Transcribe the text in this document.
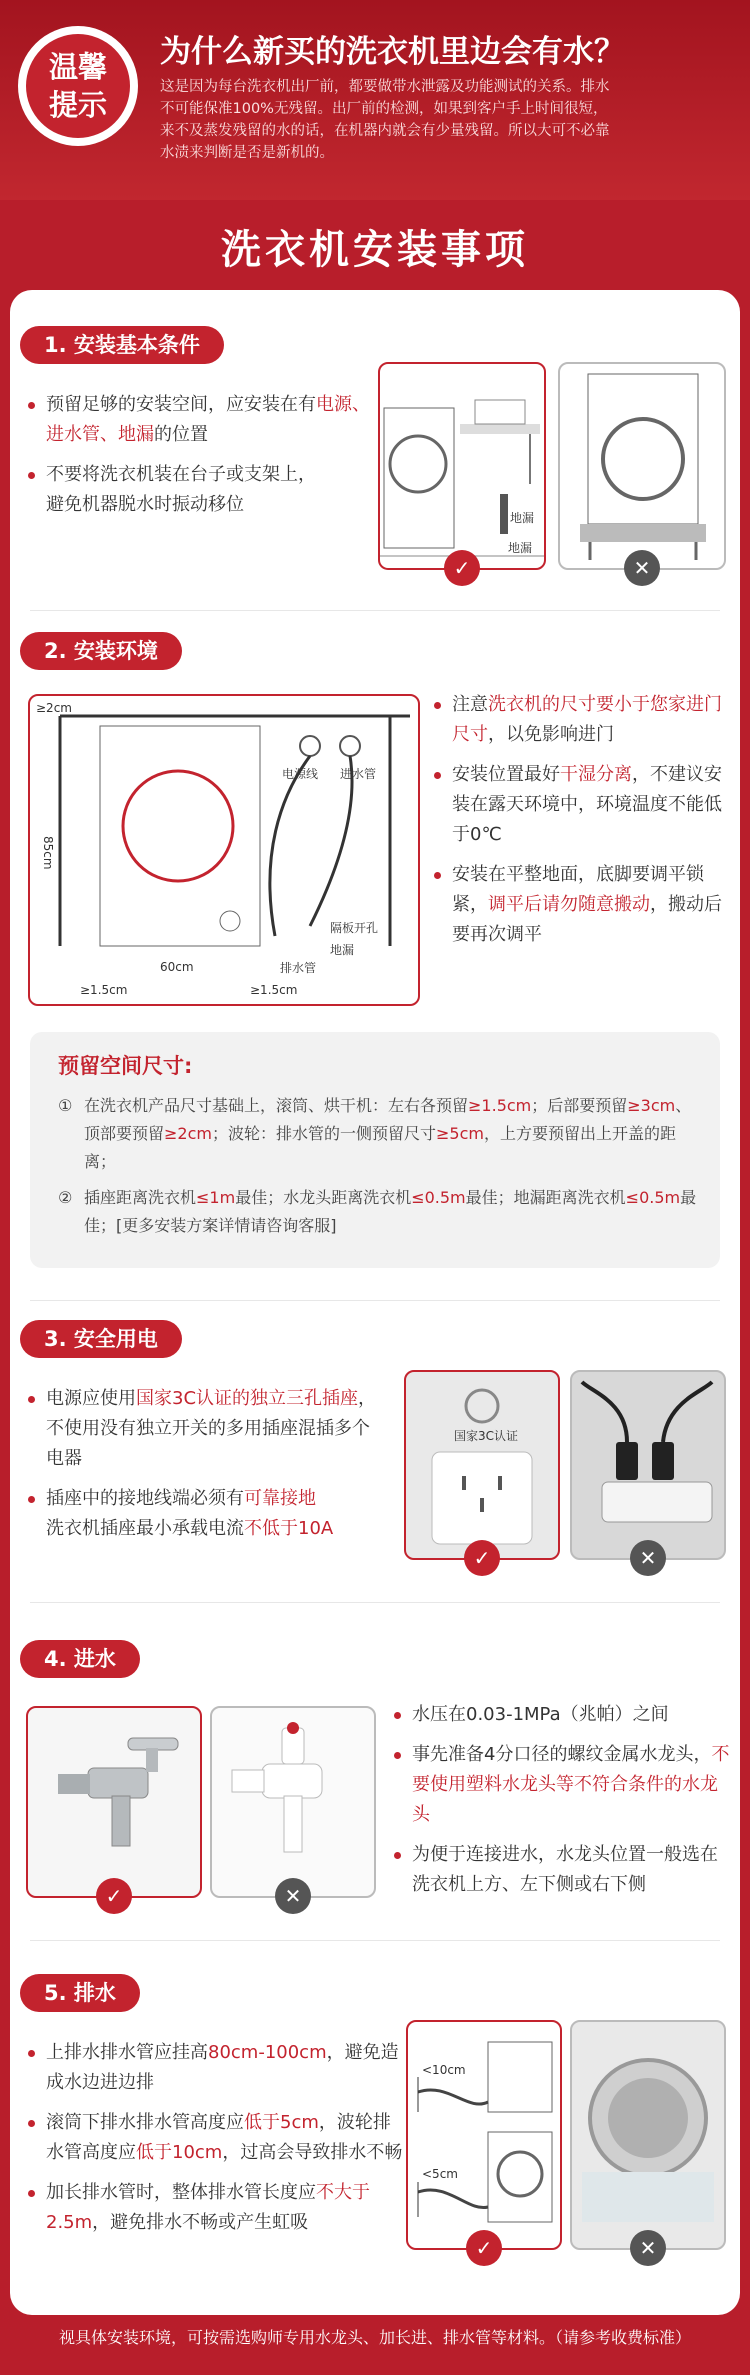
温馨
提示
为什么新买的洗衣机里边会有水？
这是因为每台洗衣机出厂前，都要做带水泄露及功能测试的关系。排水
不可能保准100%无残留。出厂前的检测，如果到客户手上时间很短，
来不及蒸发残留的水的话，在机器内就会有少量残留。所以大可不必靠
水渍来判断是否是新机的。
洗衣机安装事项
1. 安装基本条件
预留足够的安装空间，应安装在有电源、进水管、地漏的位置
不要将洗衣机装在台子或支架上，
避免机器脱水时振动移位
地漏
地漏
✓	✕
2. 安装环境
≥2cm
85cm
60cm
≥1.5cm	≥1.5cm
电源线 进水管
隔板开孔
地漏
排水管
注意洗衣机的尺寸要小于您家进门尺寸，以免影响进门
安装位置最好干湿分离，不建议安装在露天环境中，环境温度不能低于0℃
安装在平整地面，底脚要调平锁紧，调平后请勿随意搬动，搬动后要再次调平
预留空间尺寸:
① 在洗衣机产品尺寸基础上，滚筒、烘干机：左右各预留≥1.5cm；后部要预留≥3cm、顶部要预留≥2cm；波轮：排水管的一侧预留尺寸≥5cm，上方要预留出上开盖的距离；
② 插座距离洗衣机≤1m最佳；水龙头距离洗衣机≤0.5m最佳；地漏距离洗衣机≤0.5m最佳；[更多安装方案详情请咨询客服]
3. 安全用电
电源应使用国家3C认证的独立三孔插座，不使用没有独立开关的多用插座混插多个电器
插座中的接地线端必须有可靠接地
洗衣机插座最小承载电流不低于10A
国家3C认证
✓	✕
4. 进水
✓	✕
水压在0.03-1MPa（兆帕）之间
事先准备4分口径的螺纹金属水龙头，不要使用塑料水龙头等不符合条件的水龙头
为便于连接进水，水龙头位置一般选在洗衣机上方、左下侧或右下侧
5. 排水
上排水排水管应挂高80cm-100cm，避免造成水边进边排
滚筒下排水排水管高度应低于5cm，波轮排水管高度应低于10cm，过高会导致排水不畅
加长排水管时，整体排水管长度应不大于2.5m，避免排水不畅或产生虹吸
<10cm
<5cm
✓	✕
视具体安装环境，可按需选购师专用水龙头、加长进、排水管等材料。（请参考收费标准）
